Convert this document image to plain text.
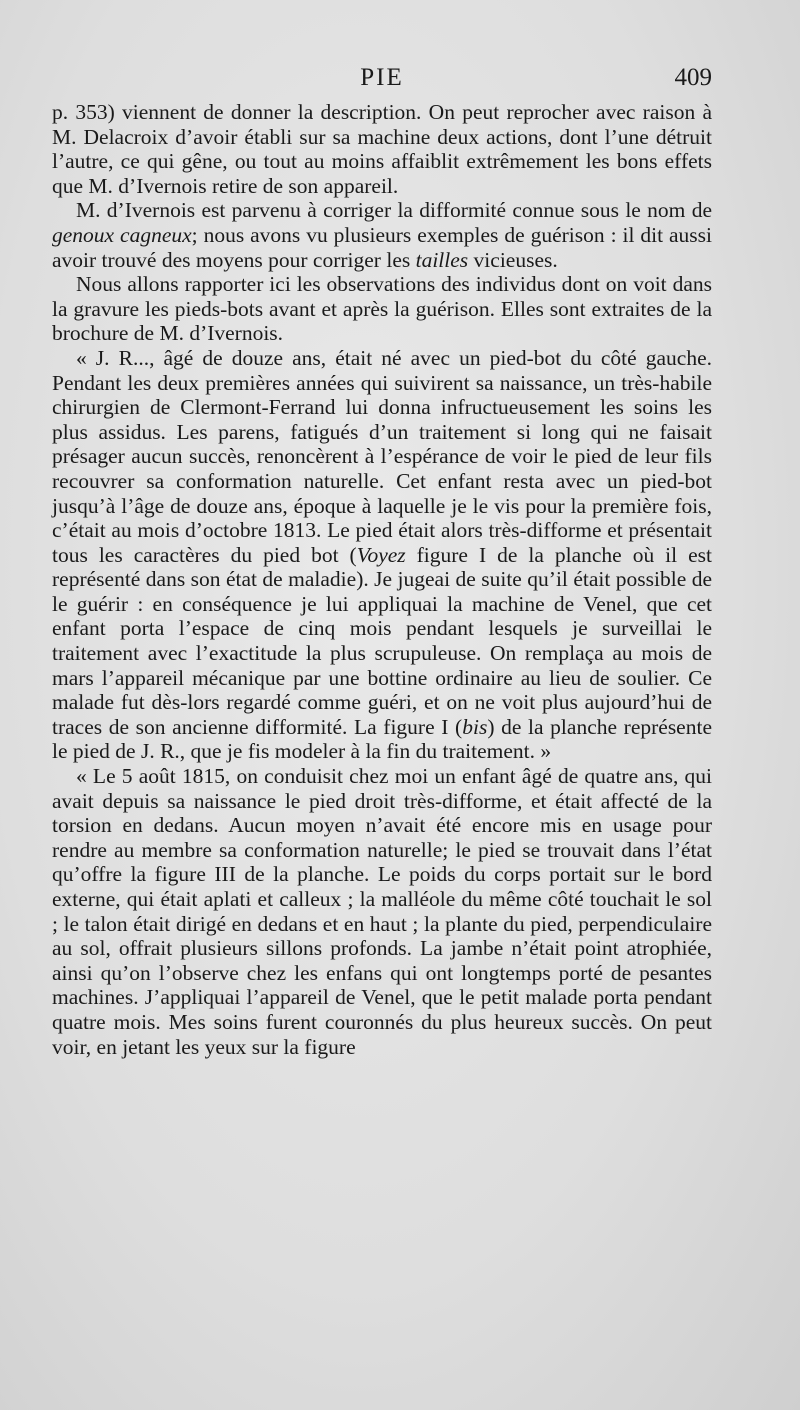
PIE	409

p. 353) viennent de donner la description. On peut reprocher avec raison à M. Delacroix d’avoir établi sur sa machine deux actions, dont l’une détruit l’autre, ce qui gêne, ou tout au moins affaiblit extrêmement les bons effets que M. d’Ivernois retire de son appareil.

M. d’Ivernois est parvenu à corriger la difformité connue sous le nom de genoux cagneux; nous avons vu plusieurs exemples de guérison : il dit aussi avoir trouvé des moyens pour corriger les tailles vicieuses.

Nous allons rapporter ici les observations des individus dont on voit dans la gravure les pieds-bots avant et après la guérison. Elles sont extraites de la brochure de M. d’Ivernois.

« J. R..., âgé de douze ans, était né avec un pied-bot du côté gauche. Pendant les deux premières années qui suivirent sa naissance, un très-habile chirurgien de Clermont-Ferrand lui donna infructueusement les soins les plus assidus. Les parens, fatigués d’un traitement si long qui ne faisait présager aucun succès, renoncèrent à l’espérance de voir le pied de leur fils recouvrer sa conformation naturelle. Cet enfant resta avec un pied-bot jusqu’à l’âge de douze ans, époque à laquelle je le vis pour la première fois, c’était au mois d’octobre 1813. Le pied était alors très-difforme et présentait tous les caractères du pied bot (Voyez figure I de la planche où il est représenté dans son état de maladie). Je jugeai de suite qu’il était possible de le guérir : en conséquence je lui appliquai la machine de Venel, que cet enfant porta l’espace de cinq mois pendant lesquels je surveillai le traitement avec l’exactitude la plus scrupuleuse. On remplaça au mois de mars l’appareil mécanique par une bottine ordinaire au lieu de soulier. Ce malade fut dès-lors regardé comme guéri, et on ne voit plus aujourd’hui de traces de son ancienne difformité. La figure I (bis) de la planche représente le pied de J. R., que je fis modeler à la fin du traitement. »

« Le 5 août 1815, on conduisit chez moi un enfant âgé de quatre ans, qui avait depuis sa naissance le pied droit très-difforme, et était affecté de la torsion en dedans. Aucun moyen n’avait été encore mis en usage pour rendre au membre sa conformation naturelle; le pied se trouvait dans l’état qu’offre la figure III de la planche. Le poids du corps portait sur le bord externe, qui était aplati et calleux ; la malléole du même côté touchait le sol ; le talon était dirigé en dedans et en haut ; la plante du pied, perpendiculaire au sol, offrait plusieurs sillons profonds. La jambe n’était point atrophiée, ainsi qu’on l’observe chez les enfans qui ont longtemps porté de pesantes machines. J’appliquai l’appareil de Venel, que le petit malade porta pendant quatre mois. Mes soins furent couronnés du plus heureux succès. On peut voir, en jetant les yeux sur la figure
